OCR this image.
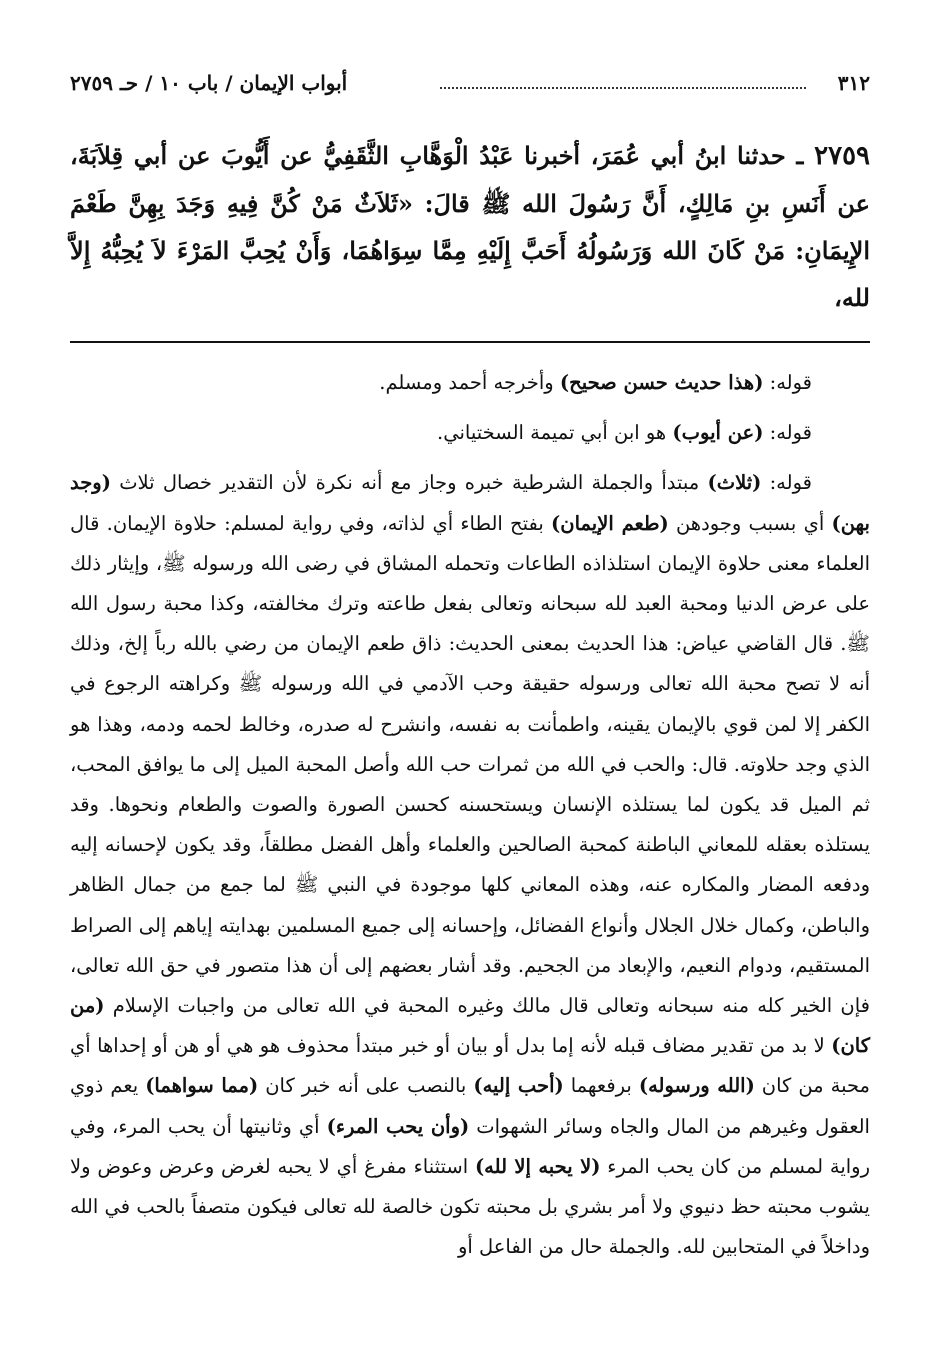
٣١٢
أبواب الإيمان / باب ١٠ / حـ ٢٧٥٩
٢٧٥٩ ـ حدثنا ابنُ أبي عُمَرَ، أخبرنا عَبْدُ الْوَهَّابِ الثَّقَفِيُّ عن أَيُّوبَ عن أبي قِلاَبَةَ، عن أَنَسِ بنِ مَالِكٍ، أَنَّ رَسُولَ الله ﷺ قالَ: «ثَلاَثٌ مَنْ كُنَّ فِيهِ وَجَدَ بِهِنَّ طَعْمَ الإِيمَانِ: مَنْ كَانَ الله وَرَسُولُهُ أَحَبَّ إِلَيْهِ مِمَّا سِوَاهُمَا، وَأَنْ يُحِبَّ المَرْءَ لاَ يُحِبُّهُ إِلاَّ لله،

قوله: (هذا حديث حسن صحيح) وأخرجه أحمد ومسلم.

قوله: (عن أيوب) هو ابن أبي تميمة السختياني.

قوله: (ثلاث) مبتدأ والجملة الشرطية خبره وجاز مع أنه نكرة لأن التقدير خصال ثلاث (وجد بهن) أي بسبب وجودهن (طعم الإيمان) بفتح الطاء أي لذاته، وفي رواية لمسلم: حلاوة الإيمان. قال العلماء معنى حلاوة الإيمان استلذاذه الطاعات وتحمله المشاق في رضى الله ورسوله ﷺ، وإيثار ذلك على عرض الدنيا ومحبة العبد لله سبحانه وتعالى بفعل طاعته وترك مخالفته، وكذا محبة رسول الله ﷺ. قال القاضي عياض: هذا الحديث بمعنى الحديث: ذاق طعم الإيمان من رضي بالله رباً إلخ، وذلك أنه لا تصح محبة الله تعالى ورسوله حقيقة وحب الآدمي في الله ورسوله ﷺ وكراهته الرجوع في الكفر إلا لمن قوي بالإيمان يقينه، واطمأنت به نفسه، وانشرح له صدره، وخالط لحمه ودمه، وهذا هو الذي وجد حلاوته. قال: والحب في الله من ثمرات حب الله وأصل المحبة الميل إلى ما يوافق المحب، ثم الميل قد يكون لما يستلذه الإنسان ويستحسنه كحسن الصورة والصوت والطعام ونحوها. وقد يستلذه بعقله للمعاني الباطنة كمحبة الصالحين والعلماء وأهل الفضل مطلقاً، وقد يكون لإحسانه إليه ودفعه المضار والمكاره عنه، وهذه المعاني كلها موجودة في النبي ﷺ لما جمع من جمال الظاهر والباطن، وكمال خلال الجلال وأنواع الفضائل، وإحسانه إلى جميع المسلمين بهدايته إياهم إلى الصراط المستقيم، ودوام النعيم، والإبعاد من الجحيم. وقد أشار بعضهم إلى أن هذا متصور في حق الله تعالى، فإن الخير كله منه سبحانه وتعالى قال مالك وغيره المحبة في الله تعالى من واجبات الإسلام (من كان) لا بد من تقدير مضاف قبله لأنه إما بدل أو بيان أو خبر مبتدأ محذوف هو هي أو هن أو إحداها أي محبة من كان (الله ورسوله) برفعهما (أحب إليه) بالنصب على أنه خبر كان (مما سواهما) يعم ذوي العقول وغيرهم من المال والجاه وسائر الشهوات (وأن يحب المرء) أي وثانيتها أن يحب المرء، وفي رواية لمسلم من كان يحب المرء (لا يحبه إلا لله) استثناء مفرغ أي لا يحبه لغرض وعرض وعوض ولا يشوب محبته حظ دنيوي ولا أمر بشري بل محبته تكون خالصة لله تعالى فيكون متصفاً بالحب في الله وداخلاً في المتحابين لله. والجملة حال من الفاعل أو
